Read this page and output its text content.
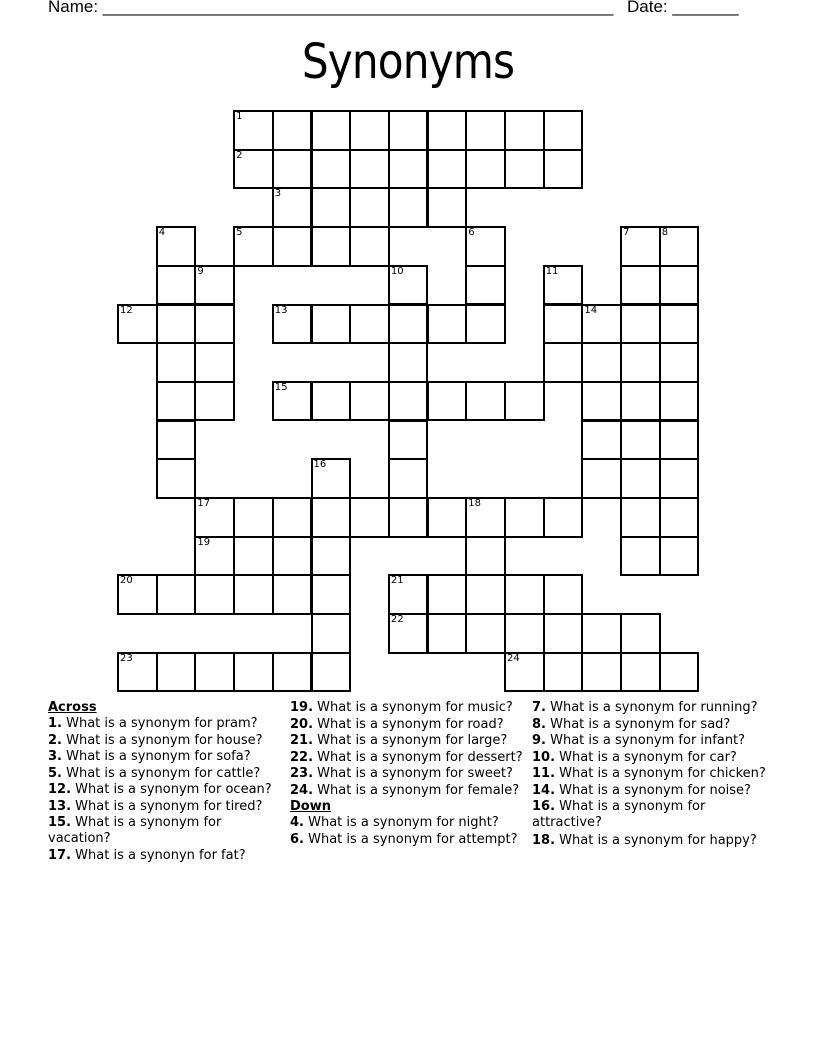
Name: ______________________________________________________ Date: _______
Synonyms
1
2
3
4	5	6	7	8
9	10	11
12	13	14
15
16
17	18
19
20	21
22
23	24
Across
1. What is a synonym for pram?
2. What is a synonym for house?
3. What is a synonym for sofa?
5. What is a synonym for cattle?
12. What is a synonym for ocean?
13. What is a synonym for tired?
15. What is a synonym for vacation?
17. What is a synonyn for fat?
19. What is a synonym for music?
20. What is a synonym for road?
21. What is a synonym for large?
22. What is a synonym for dessert?
23. What is a synonym for sweet?
24. What is a synonym for female?
Down
4. What is a synonym for night?
6. What is a synonym for attempt?
7. What is a synonym for running?
8. What is a synonym for sad?
9. What is a synonym for infant?
10. What is a synonym for car?
11. What is a synonym for chicken?
14. What is a synonym for noise?
16. What is a synonym for attractive?
18. What is a synonym for happy?
